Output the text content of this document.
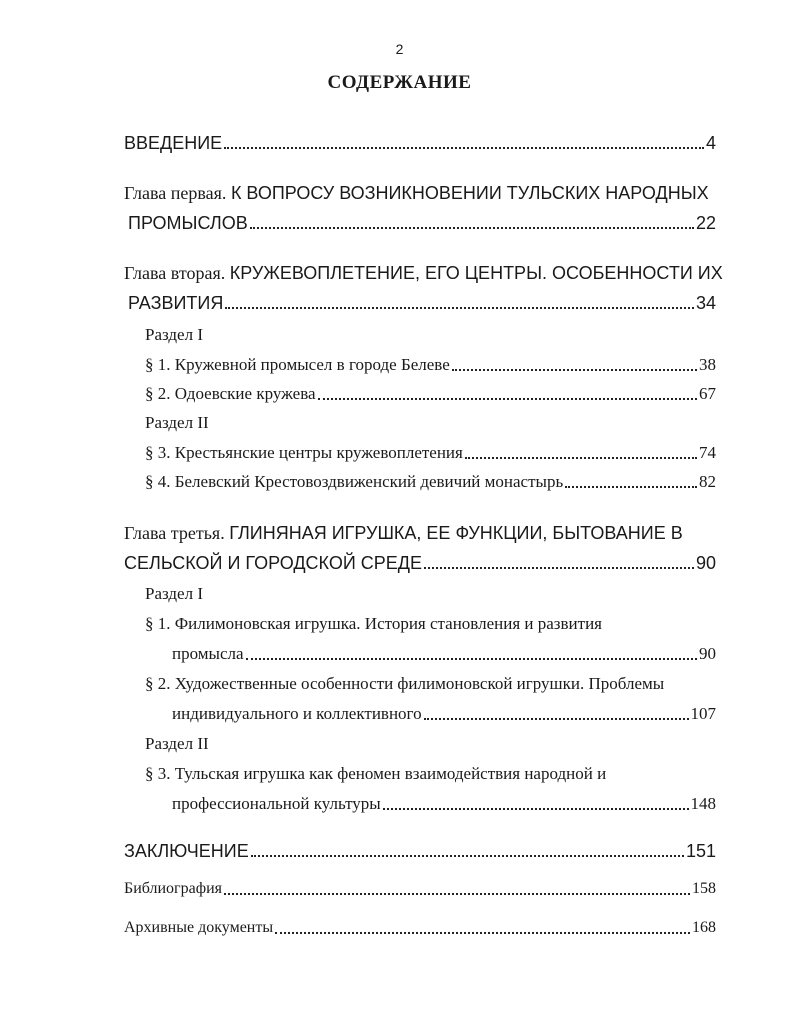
2
СОДЕРЖАНИЕ
ВВЕДЕНИЕ	4
Глава первая. К ВОПРОСУ ВОЗНИКНОВЕНИИ ТУЛЬСКИХ НАРОДНЫХ
ПРОМЫСЛОВ	22
Глава вторая. КРУЖЕВОПЛЕТЕНИЕ, ЕГО ЦЕНТРЫ. ОСОБЕННОСТИ ИХ
РАЗВИТИЯ	34
Раздел I
§ 1. Кружевной промысел в городе Белеве	38
§ 2. Одоевские кружева	67
Раздел II
§ 3. Крестьянские центры кружевоплетения	74
§ 4. Белевский Крестовоздвиженский девичий монастырь	82
Глава третья. ГЛИНЯНАЯ ИГРУШКА, ЕЕ ФУНКЦИИ, БЫТОВАНИЕ В
СЕЛЬСКОЙ И ГОРОДСКОЙ СРЕДЕ	90
Раздел I
§ 1. Филимоновская игрушка. История становления и развития
промысла	90
§ 2. Художественные особенности филимоновской игрушки. Проблемы
индивидуального и коллективного	107
Раздел II
§ 3. Тульская игрушка как феномен взаимодействия народной и
профессиональной культуры	148
ЗАКЛЮЧЕНИЕ	151
Библиография	158
Архивные документы	168
